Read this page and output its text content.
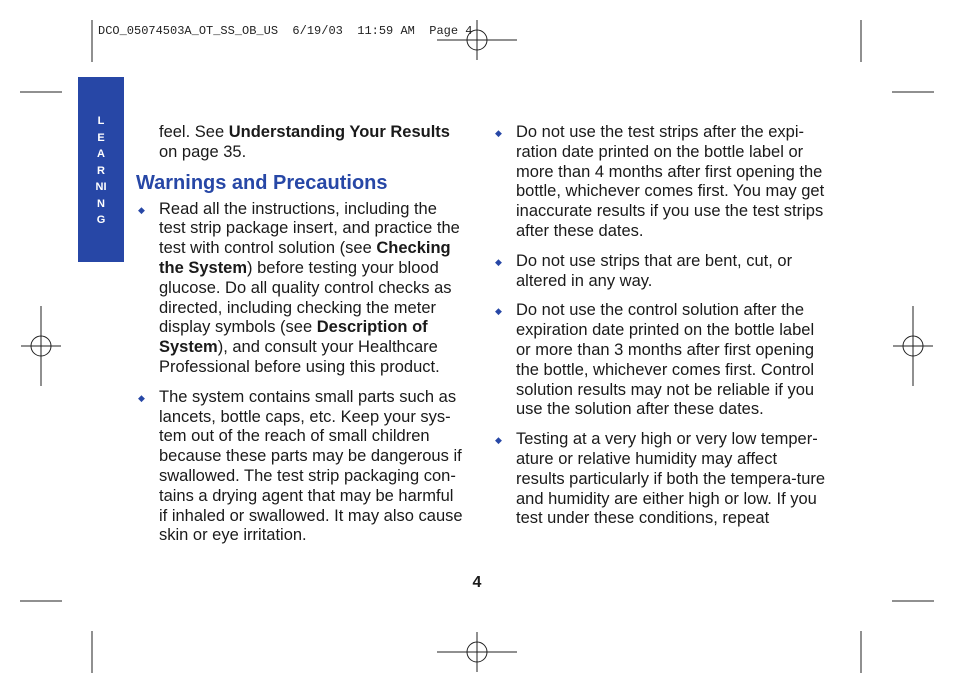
DCO_05074503A_OT_SS_OB_US  6/19/03  11:59 AM  Page 4
LEARNING

feel. See Understanding Your Results on page 35.

Warnings and Precautions
◆ Read all the instructions, including the test strip package insert, and practice the test with control solution (see Checking the System) before testing your blood glucose. Do all quality control checks as directed, including checking the meter display symbols (see Description of System), and consult your Healthcare Professional before using this product.
◆ The system contains small parts such as lancets, bottle caps, etc. Keep your sys-tem out of the reach of small children because these parts may be dangerous if swallowed. The test strip packaging con-tains a drying agent that may be harmful if inhaled or swallowed. It may also cause skin or eye irritation.
◆ Do not use the test strips after the expi-ration date printed on the bottle label or more than 4 months after first opening the bottle, whichever comes first. You may get inaccurate results if you use the test strips after these dates.
◆ Do not use strips that are bent, cut, or altered in any way.
◆ Do not use the control solution after the expiration date printed on the bottle label or more than 3 months after first opening the bottle, whichever comes first. Control solution results may not be reliable if you use the solution after these dates.
◆ Testing at a very high or very low temper-ature or relative humidity may affect results particularly if both the tempera-ture and humidity are either high or low. If you test under these conditions, repeat
4
